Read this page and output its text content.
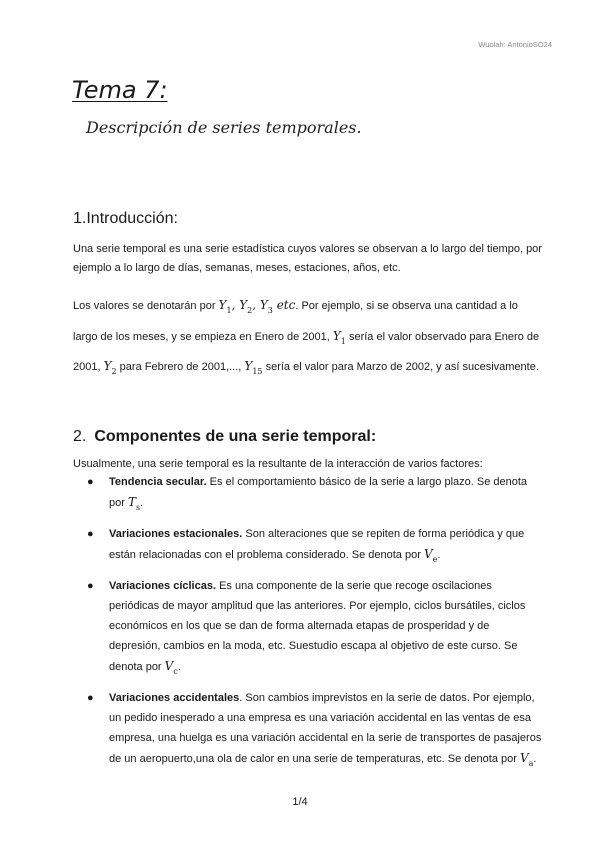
Wuolah: AntonioSO24
Tema 7:
Descripción de series temporales.
1.Introducción:

Una serie temporal es una serie estadística cuyos valores se observan a lo largo del tiempo, por ejemplo a lo largo de días, semanas, meses, estaciones, años, etc.

Los valores se denotarán por $Y_1$, $Y_2$, $Y_3$ etc. Por ejemplo, si se observa una cantidad a lo largo de los meses, y se empieza en Enero de 2001, $Y_1$ sería el valor observado para Enero de 2001, $Y_2$ para Febrero de 2001,..., $Y_{15}$ sería el valor para Marzo de 2002, y así sucesivamente.

2. Componentes de una serie temporal:

Usualmente, una serie temporal es la resultante de la interacción de varios factores:

● Tendencia secular. Es el comportamiento básico de la serie a largo plazo. Se denota por $T_s$.
● Variaciones estacionales. Son alteraciones que se repiten de forma periódica y que están relacionadas con el problema considerado. Se denota por $V_e$.
● Variaciones cíclicas. Es una componente de la serie que recoge oscilaciones periódicas de mayor amplitud que las anteriores. Por ejemplo, ciclos bursátiles, ciclos económicos en los que se dan de forma alternada etapas de prosperidad y de depresión, cambios en la moda, etc. Suestudio escapa al objetivo de este curso. Se denota por $V_c$.
● Variaciones accidentales. Son cambios imprevistos en la serie de datos. Por ejemplo, un pedido inesperado a una empresa es una variación accidental en las ventas de esa empresa, una huelga es una variación accidental en la serie de transportes de pasajeros de un aeropuerto,una ola de calor en una serie de temperaturas, etc. Se denota por $V_a$.
1/4
